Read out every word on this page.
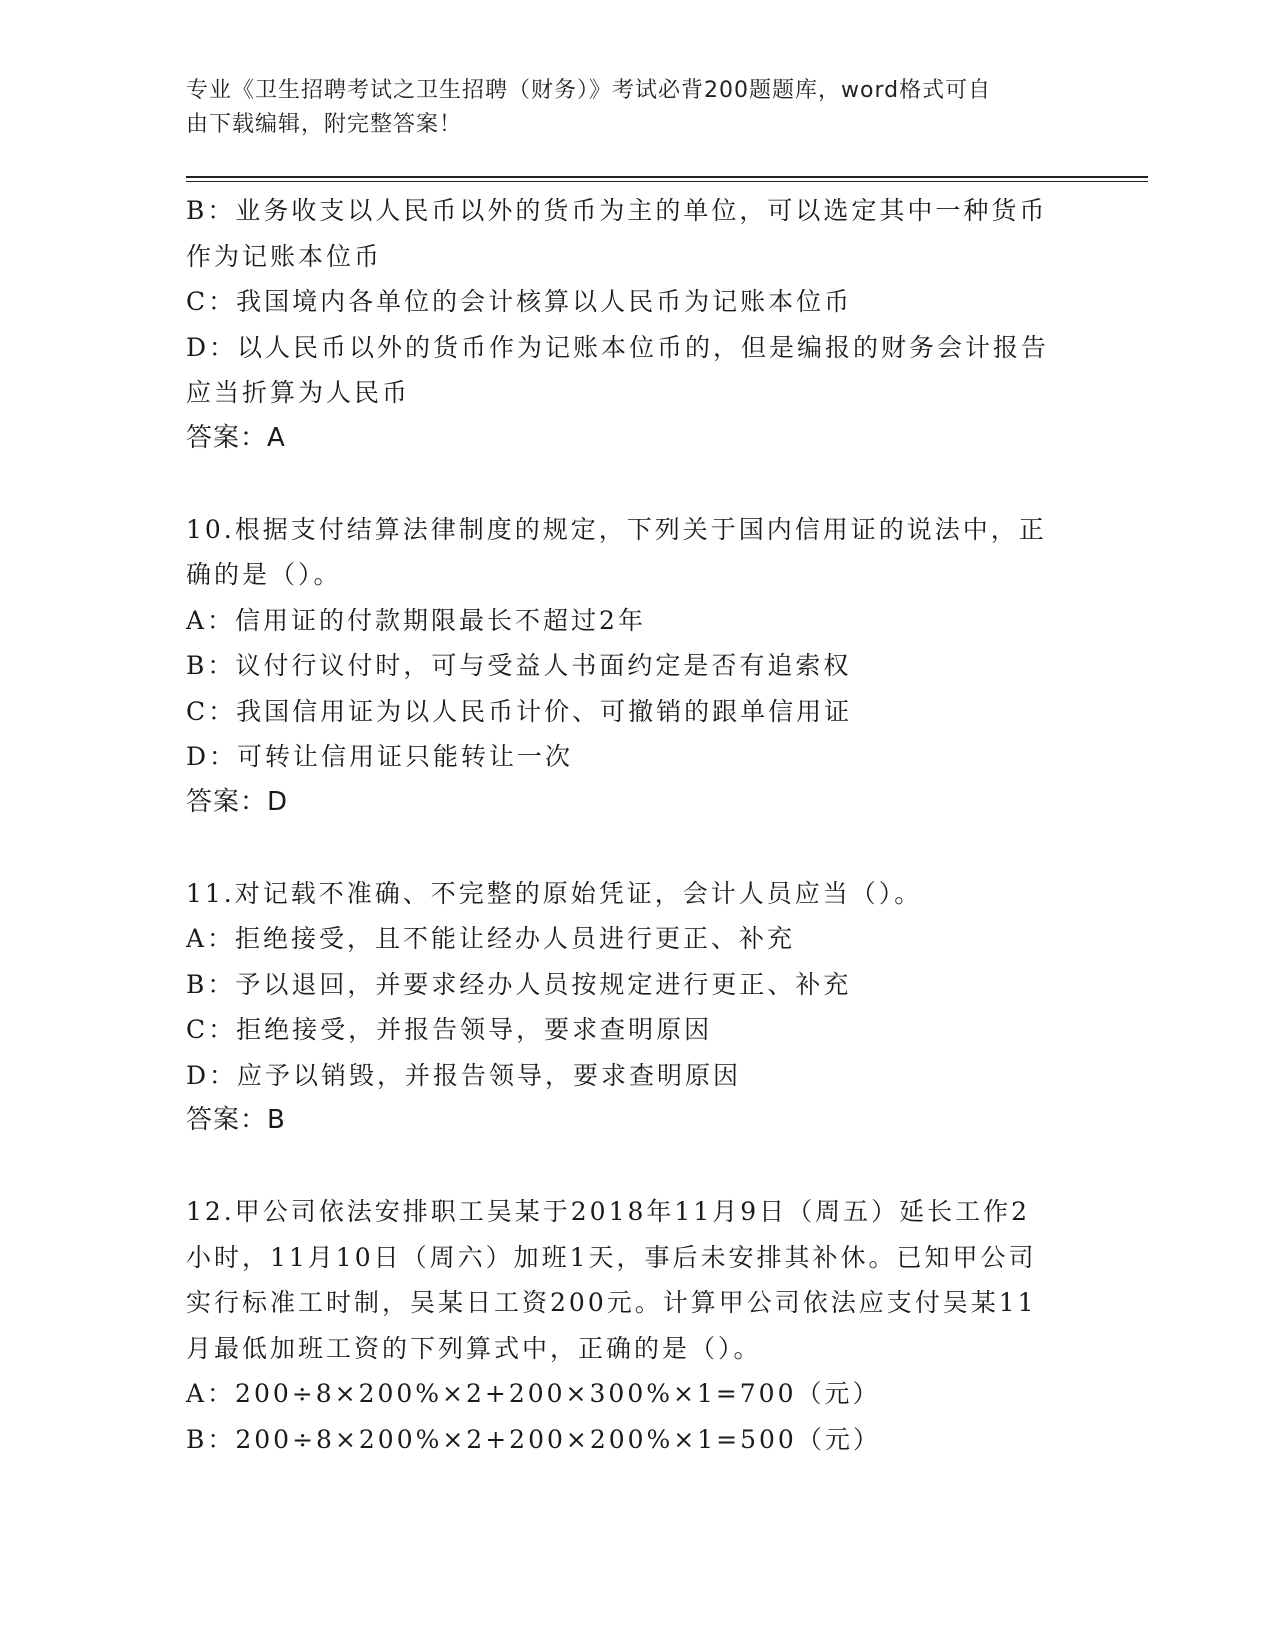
专业《卫生招聘考试之卫生招聘（财务）》考试必背200题题库，word格式可自
由下载编辑，附完整答案！
B：业务收支以人民币以外的货币为主的单位，可以选定其中一种货币
作为记账本位币
C：我国境内各单位的会计核算以人民币为记账本位币
D：以人民币以外的货币作为记账本位币的，但是编报的财务会计报告
应当折算为人民币
答案：A
10.根据支付结算法律制度的规定，下列关于国内信用证的说法中，正
确的是（）。
A：信用证的付款期限最长不超过2年
B：议付行议付时，可与受益人书面约定是否有追索权
C：我国信用证为以人民币计价、可撤销的跟单信用证
D：可转让信用证只能转让一次
答案：D
11.对记载不准确、不完整的原始凭证，会计人员应当（）。
A：拒绝接受，且不能让经办人员进行更正、补充
B：予以退回，并要求经办人员按规定进行更正、补充
C：拒绝接受，并报告领导，要求查明原因
D：应予以销毁，并报告领导，要求查明原因
答案：B
12.甲公司依法安排职工吴某于2018年11月9日（周五）延长工作2
小时，11月10日（周六）加班1天，事后未安排其补休。已知甲公司
实行标准工时制，吴某日工资200元。计算甲公司依法应支付吴某11
月最低加班工资的下列算式中，正确的是（）。
A：200÷8×200%×2+200×300%×1=700（元）
B：200÷8×200%×2+200×200%×1=500（元）
